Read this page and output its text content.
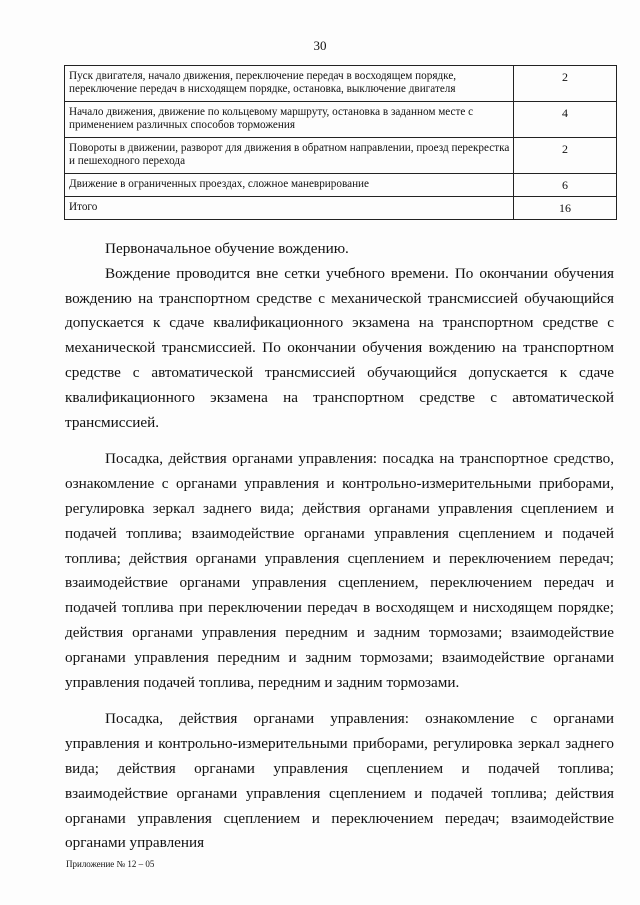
30
Пуск двигателя, начало движения, переключение передач в восходящем порядке, переключение передач в нисходящем порядке, остановка, выключение двигателя	2
Начало движения, движение по кольцевому маршруту, остановка в заданном месте с применением различных способов торможения	4
Повороты в движении, разворот для движения в обратном направлении, проезд перекрестка и пешеходного перехода	2
Движение в ограниченных проездах, сложное маневрирование	6
Итого	16

Первоначальное обучение вождению.

Вождение проводится вне сетки учебного времени. По окончании обучения вождению на транспортном средстве с механической трансмиссией обучающийся допускается к сдаче квалификационного экзамена на транспортном средстве с механической трансмиссией. По окончании обучения вождению на транспортном средстве с автоматической трансмиссией обучающийся допускается к сдаче квалификационного экзамена на транспортном средстве с автоматической трансмиссией.

Посадка, действия органами управления: посадка на транспортное средство, ознакомление с органами управления и контрольно-измерительными приборами, регулировка зеркал заднего вида; действия органами управления сцеплением и подачей топлива; взаимодействие органами управления сцеплением и подачей топлива; действия органами управления сцеплением и переключением передач; взаимодействие органами управления сцеплением, переключением передач и подачей топлива при переключении передач в восходящем и нисходящем порядке; действия органами управления передним и задним тормозами; взаимодействие органами управления передним и задним тормозами; взаимодействие органами управления подачей топлива, передним и задним тормозами.

Посадка, действия органами управления: ознакомление с органами управления и контрольно-измерительными приборами, регулировка зеркал заднего вида; действия органами управления сцеплением и подачей топлива; взаимодействие органами управления сцеплением и подачей топлива; действия органами управления сцеплением и переключением передач; взаимодействие органами управления

Приложение № 12 – 05
